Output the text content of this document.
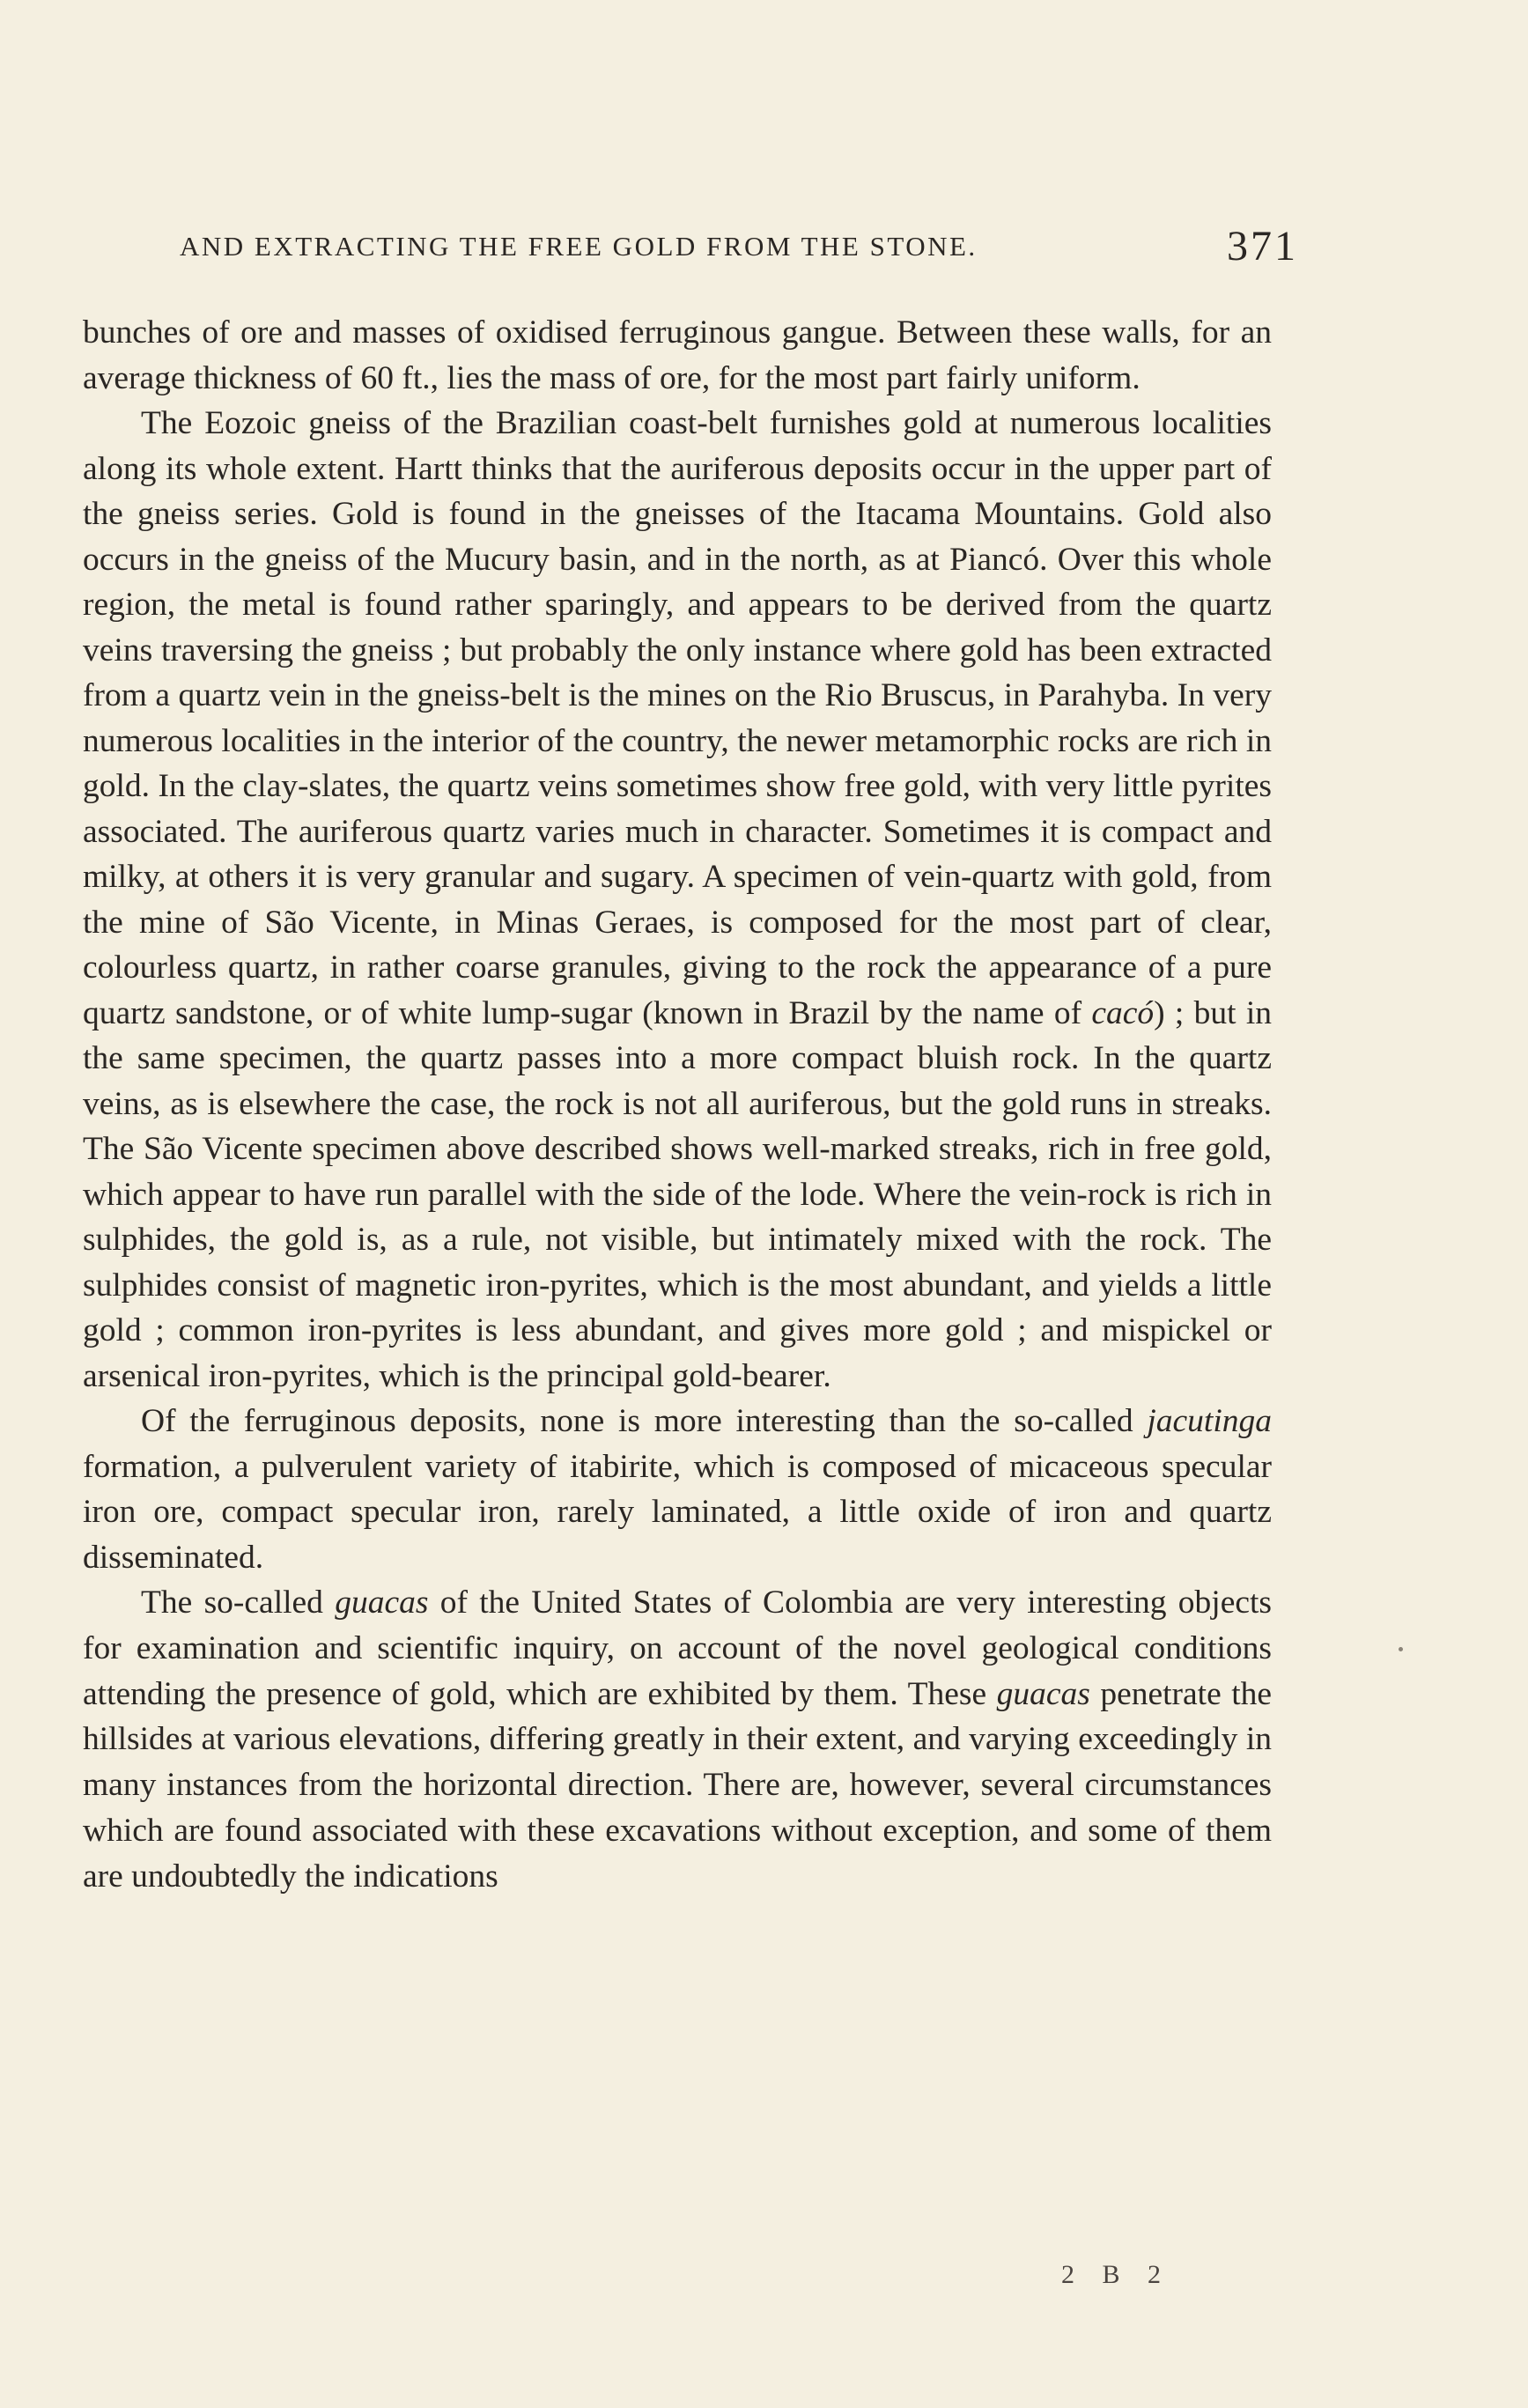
AND EXTRACTING THE FREE GOLD FROM THE STONE.	371

bunches of ore and masses of oxidised ferruginous gangue. Between these walls, for an average thickness of 60 ft., lies the mass of ore, for the most part fairly uniform.

The Eozoic gneiss of the Brazilian coast-belt furnishes gold at numerous localities along its whole extent. Hartt thinks that the auriferous deposits occur in the upper part of the gneiss series. Gold is found in the gneisses of the Itacama Mountains. Gold also occurs in the gneiss of the Mucury basin, and in the north, as at Piancó. Over this whole region, the metal is found rather sparingly, and appears to be derived from the quartz veins traversing the gneiss ; but probably the only instance where gold has been extracted from a quartz vein in the gneiss-belt is the mines on the Rio Bruscus, in Parahyba. In very numerous localities in the interior of the country, the newer metamorphic rocks are rich in gold. In the clay-slates, the quartz veins sometimes show free gold, with very little pyrites associated. The auriferous quartz varies much in character. Sometimes it is compact and milky, at others it is very granular and sugary. A specimen of vein-quartz with gold, from the mine of São Vicente, in Minas Geraes, is composed for the most part of clear, colourless quartz, in rather coarse granules, giving to the rock the appearance of a pure quartz sandstone, or of white lump-sugar (known in Brazil by the name of cacó) ; but in the same specimen, the quartz passes into a more compact bluish rock. In the quartz veins, as is elsewhere the case, the rock is not all auriferous, but the gold runs in streaks. The São Vicente specimen above described shows well-marked streaks, rich in free gold, which appear to have run parallel with the side of the lode. Where the vein-rock is rich in sulphides, the gold is, as a rule, not visible, but intimately mixed with the rock. The sulphides consist of magnetic iron-pyrites, which is the most abundant, and yields a little gold ; common iron-pyrites is less abundant, and gives more gold ; and mispickel or arsenical iron-pyrites, which is the principal gold-bearer.

Of the ferruginous deposits, none is more interesting than the so-called jacutinga formation, a pulverulent variety of itabirite, which is composed of micaceous specular iron ore, compact specular iron, rarely laminated, a little oxide of iron and quartz disseminated.

The so-called guacas of the United States of Colombia are very interesting objects for examination and scientific inquiry, on account of the novel geological conditions attending the presence of gold, which are exhibited by them. These guacas penetrate the hillsides at various elevations, differing greatly in their extent, and varying exceedingly in many instances from the horizontal direction. There are, however, several circumstances which are found associated with these excavations without exception, and some of them are undoubtedly the indications

2 B 2
